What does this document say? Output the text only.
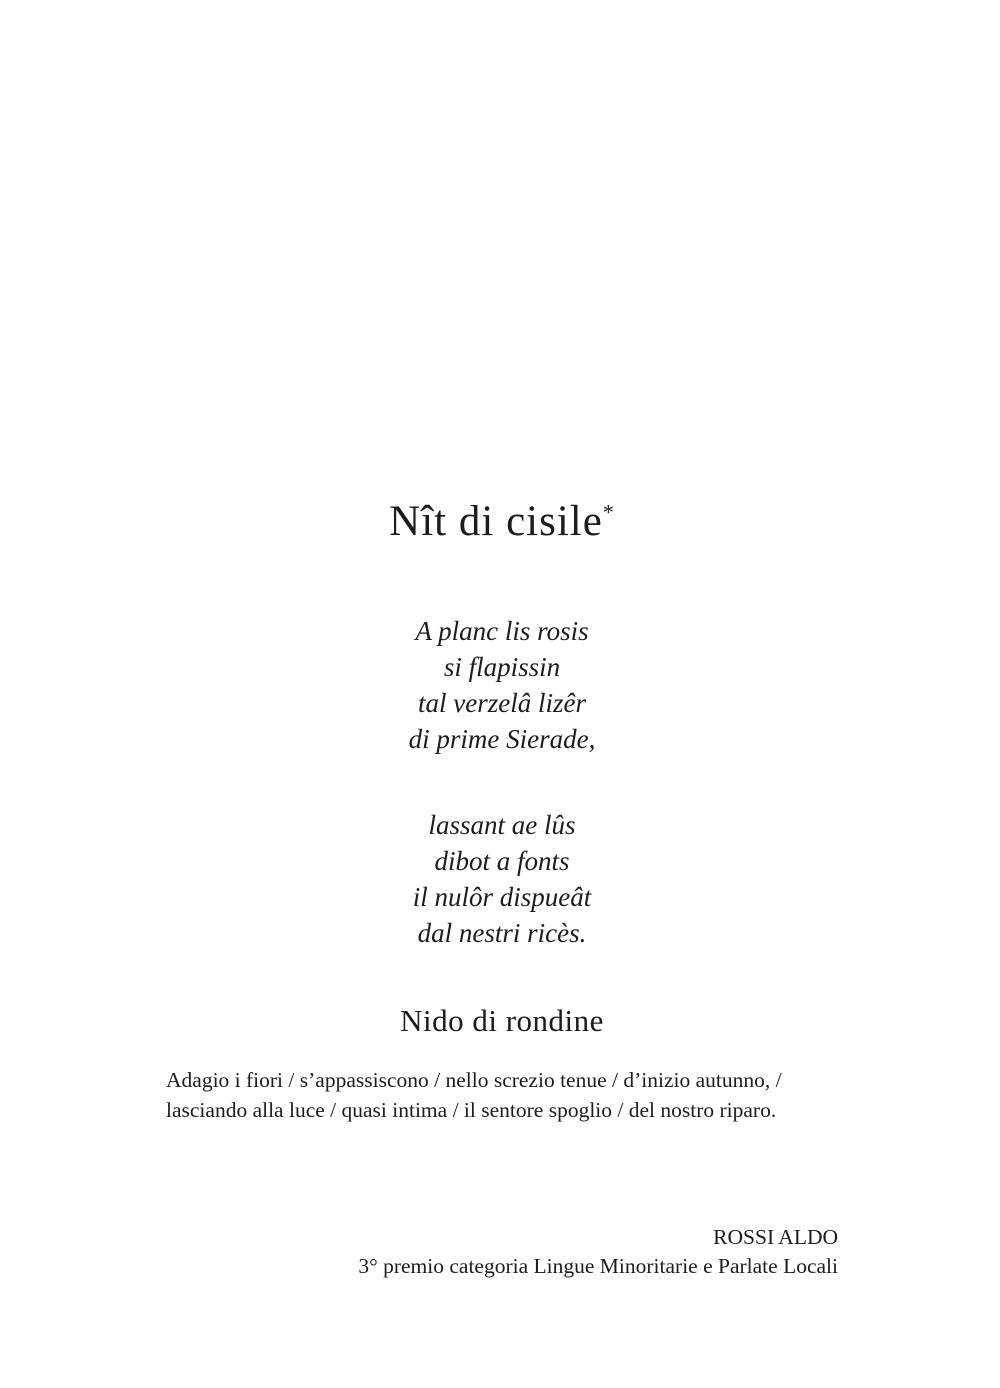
Nît di cisile*
A planc lis rosis
si flapissin
tal verzelâ lizêr
di prime Sierade,
lassant ae lûs
dibot a fonts
il nulôr dispueât
dal nestri ricès.
Nido di rondine

Adagio i fiori / s’appassiscono / nello screzio tenue / d’inizio autunno, / lasciando alla luce / quasi intima / il sentore spoglio / del nostro riparo.

ROSSI ALDO
3° premio categoria Lingue Minoritarie e Parlate Locali
